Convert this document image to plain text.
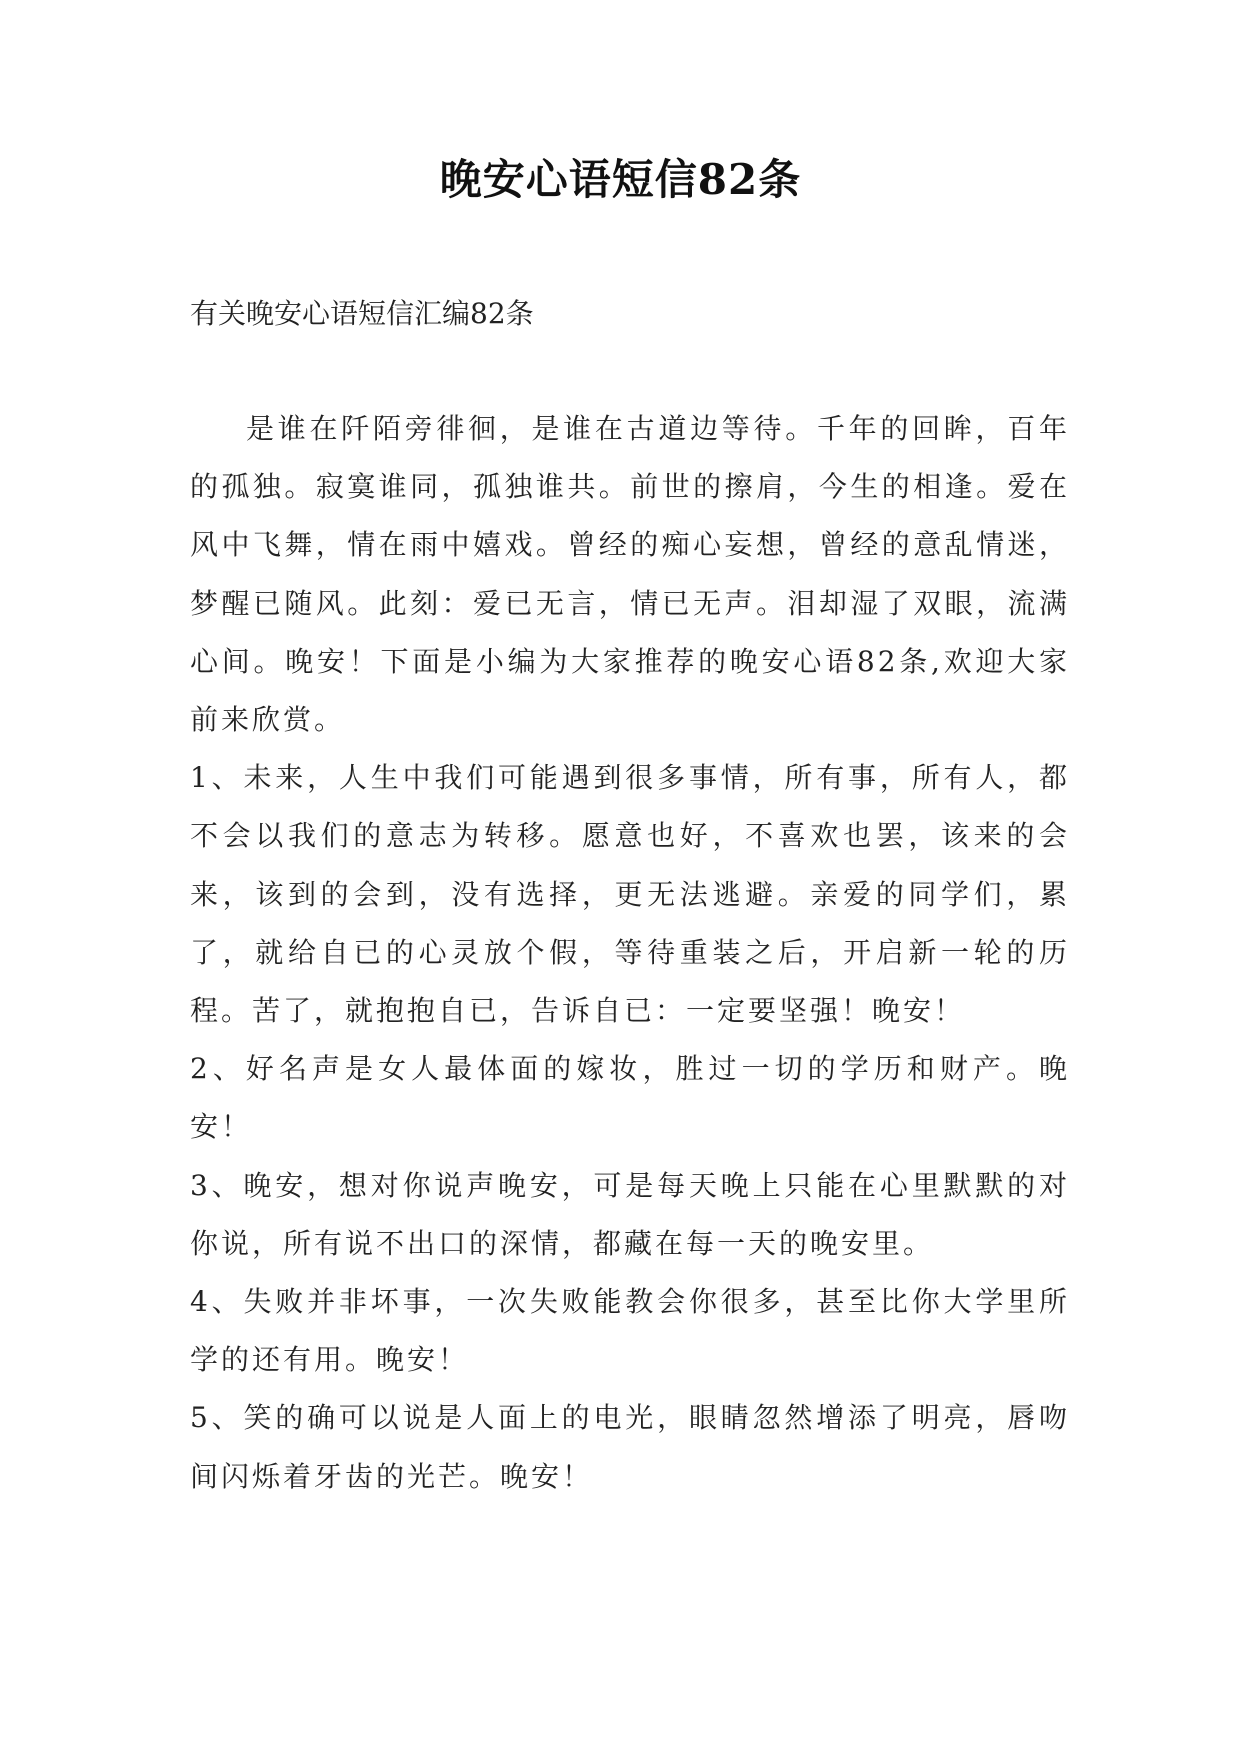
晚安心语短信82条
有关晚安心语短信汇编82条

是谁在阡陌旁徘徊，是谁在古道边等待。千年的回眸，百年的孤独。寂寞谁同，孤独谁共。前世的擦肩，今生的相逢。爱在风中飞舞，情在雨中嬉戏。曾经的痴心妄想，曾经的意乱情迷，梦醒已随风。此刻：爱已无言，情已无声。泪却湿了双眼，流满心间。晚安！下面是小编为大家推荐的晚安心语82条,欢迎大家前来欣赏。

1、未来，人生中我们可能遇到很多事情，所有事，所有人，都不会以我们的意志为转移。愿意也好，不喜欢也罢，该来的会来，该到的会到，没有选择，更无法逃避。亲爱的同学们，累了，就给自已的心灵放个假，等待重装之后，开启新一轮的历程。苦了，就抱抱自已，告诉自已：一定要坚强！晚安！

2、好名声是女人最体面的嫁妆，胜过一切的学历和财产。晚安！

3、晚安，想对你说声晚安，可是每天晚上只能在心里默默的对你说，所有说不出口的深情，都藏在每一天的晚安里。

4、失败并非坏事，一次失败能教会你很多，甚至比你大学里所学的还有用。晚安！

5、笑的确可以说是人面上的电光，眼睛忽然增添了明亮，唇吻间闪烁着牙齿的光芒。晚安！
